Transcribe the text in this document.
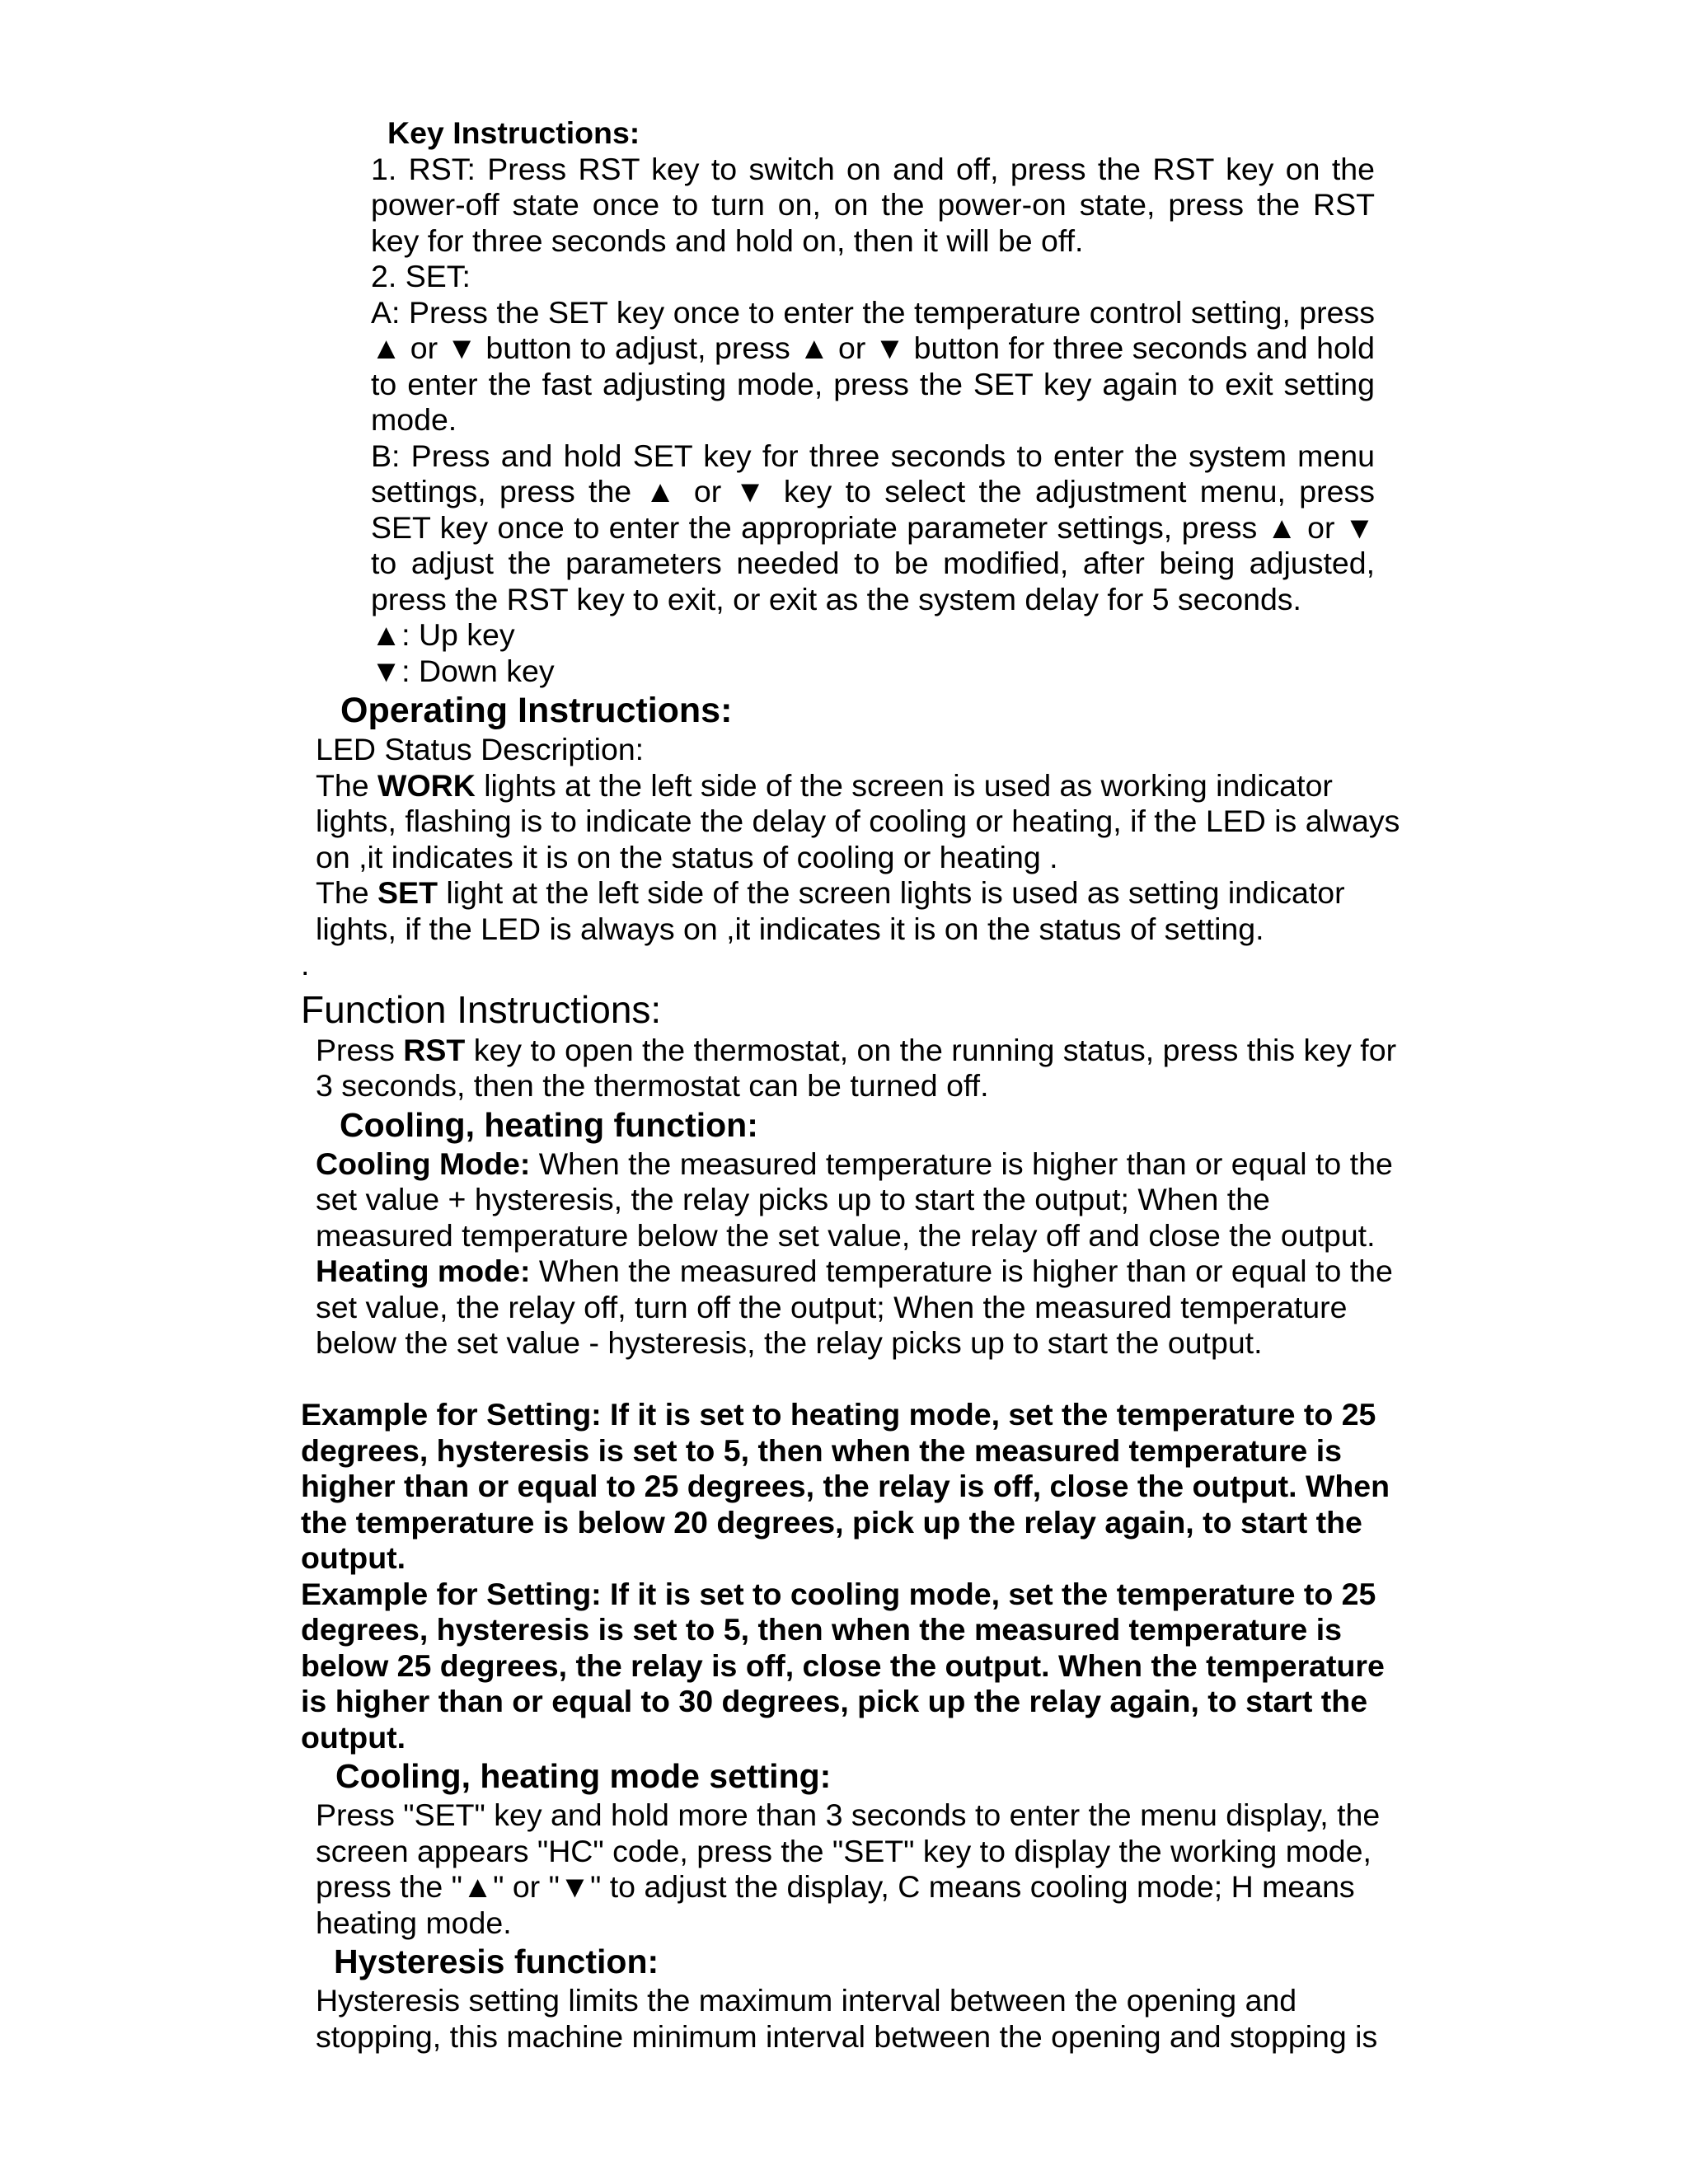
Key Instructions:

1. RST: Press RST key to switch on and off, press the RST key on the power-off state once to turn on, on the power-on state, press the RST key for three seconds and hold on, then it will be off.

2. SET:

A: Press the SET key once to enter the temperature control setting, press ▲ or ▼ button to adjust, press ▲ or ▼ button for three seconds and hold to enter the fast adjusting mode, press the SET key again to exit setting mode.

B: Press and hold SET key for three seconds to enter the system menu settings, press the ▲ or ▼ key to select the adjustment menu, press SET key once to enter the appropriate parameter settings, press ▲ or ▼ to adjust the parameters needed to be modified, after being adjusted, press the RST key to exit, or exit as the system delay for 5 seconds.

▲: Up key

▼: Down key

Operating Instructions:

LED Status Description:

The WORK lights at the left side of the screen is used as working indicator lights, flashing is to indicate the delay of cooling or heating, if the LED is always on ,it indicates it is on the status of cooling or heating .

The SET light at the left side of the screen lights is used as setting indicator lights, if the LED is always on ,it indicates it is on the status of setting.

.

Function Instructions:

Press RST key to open the thermostat, on the running status, press this key for 3 seconds, then the thermostat can be turned off.

Cooling, heating function:

Cooling Mode: When the measured temperature is higher than or equal to the set value + hysteresis, the relay picks up to start the output; When the measured temperature below the set value, the relay off and close the output.

Heating mode: When the measured temperature is higher than or equal to the set value, the relay off, turn off the output; When the measured temperature below the set value - hysteresis, the relay picks up to start the output.

Example for Setting: If it is set to heating mode, set the temperature to 25 degrees, hysteresis is set to 5, then when the measured temperature is higher than or equal to 25 degrees, the relay is off, close the output. When the temperature is below 20 degrees, pick up the relay again, to start the output.

Example for Setting: If it is set to cooling mode, set the temperature to 25 degrees, hysteresis is set to 5, then when the measured temperature is below 25 degrees, the relay is off, close the output. When the temperature is higher than or equal to 30 degrees, pick up the relay again, to start the output.

Cooling, heating mode setting:

Press "SET" key and hold more than 3 seconds to enter the menu display, the screen appears "HC" code, press the "SET" key to display the working mode, press the "▲" or "▼" to adjust the display, C means cooling mode; H means heating mode.

Hysteresis function:

Hysteresis setting limits the maximum interval between the opening and stopping, this machine minimum interval between the opening and stopping is
